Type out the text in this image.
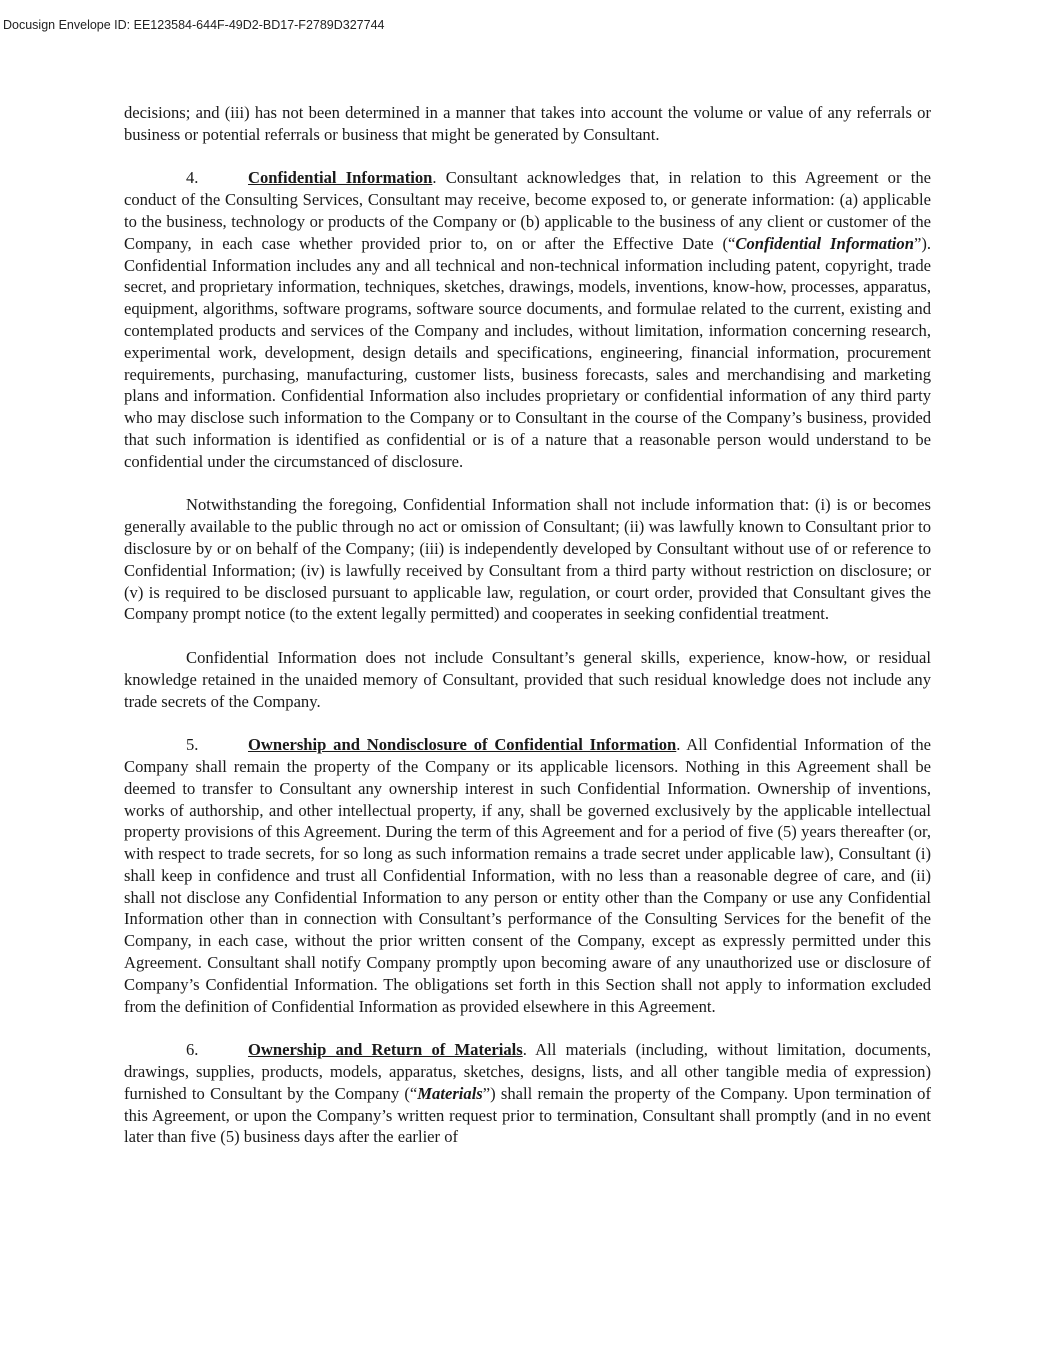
Docusign Envelope ID: EE123584-644F-49D2-BD17-F2789D327744

decisions; and (iii) has not been determined in a manner that takes into account the volume or value of any referrals or business or potential referrals or business that might be generated by Consultant.

4.	Confidential Information. Consultant acknowledges that, in relation to this Agreement or the conduct of the Consulting Services, Consultant may receive, become exposed to, or generate information: (a) applicable to the business, technology or products of the Company or (b) applicable to the business of any client or customer of the Company, in each case whether provided prior to, on or after the Effective Date (“Confidential Information”). Confidential Information includes any and all technical and non-technical information including patent, copyright, trade secret, and proprietary information, techniques, sketches, drawings, models, inventions, know-how, processes, apparatus, equipment, algorithms, software programs, software source documents, and formulae related to the current, existing and contemplated products and services of the Company and includes, without limitation, information concerning research, experimental work, development, design details and specifications, engineering, financial information, procurement requirements, purchasing, manufacturing, customer lists, business forecasts, sales and merchandising and marketing plans and information. Confidential Information also includes proprietary or confidential information of any third party who may disclose such information to the Company or to Consultant in the course of the Company’s business, provided that such information is identified as confidential or is of a nature that a reasonable person would understand to be confidential under the circumstanced of disclosure.

Notwithstanding the foregoing, Confidential Information shall not include information that: (i) is or becomes generally available to the public through no act or omission of Consultant; (ii) was lawfully known to Consultant prior to disclosure by or on behalf of the Company; (iii) is independently developed by Consultant without use of or reference to Confidential Information; (iv) is lawfully received by Consultant from a third party without restriction on disclosure; or (v) is required to be disclosed pursuant to applicable law, regulation, or court order, provided that Consultant gives the Company prompt notice (to the extent legally permitted) and cooperates in seeking confidential treatment.

Confidential Information does not include Consultant’s general skills, experience, know-how, or residual knowledge retained in the unaided memory of Consultant, provided that such residual knowledge does not include any trade secrets of the Company.

5.	Ownership and Nondisclosure of Confidential Information. All Confidential Information of the Company shall remain the property of the Company or its applicable licensors. Nothing in this Agreement shall be deemed to transfer to Consultant any ownership interest in such Confidential Information. Ownership of inventions, works of authorship, and other intellectual property, if any, shall be governed exclusively by the applicable intellectual property provisions of this Agreement. During the term of this Agreement and for a period of five (5) years thereafter (or, with respect to trade secrets, for so long as such information remains a trade secret under applicable law), Consultant (i) shall keep in confidence and trust all Confidential Information, with no less than a reasonable degree of care, and (ii) shall not disclose any Confidential Information to any person or entity other than the Company or use any Confidential Information other than in connection with Consultant’s performance of the Consulting Services for the benefit of the Company, in each case, without the prior written consent of the Company, except as expressly permitted under this Agreement. Consultant shall notify Company promptly upon becoming aware of any unauthorized use or disclosure of Company’s Confidential Information. The obligations set forth in this Section shall not apply to information excluded from the definition of Confidential Information as provided elsewhere in this Agreement.

6.	Ownership and Return of Materials. All materials (including, without limitation, documents, drawings, supplies, products, models, apparatus, sketches, designs, lists, and all other tangible media of expression) furnished to Consultant by the Company (“Materials”) shall remain the property of the Company. Upon termination of this Agreement, or upon the Company’s written request prior to termination, Consultant shall promptly (and in no event later than five (5) business days after the earlier of
